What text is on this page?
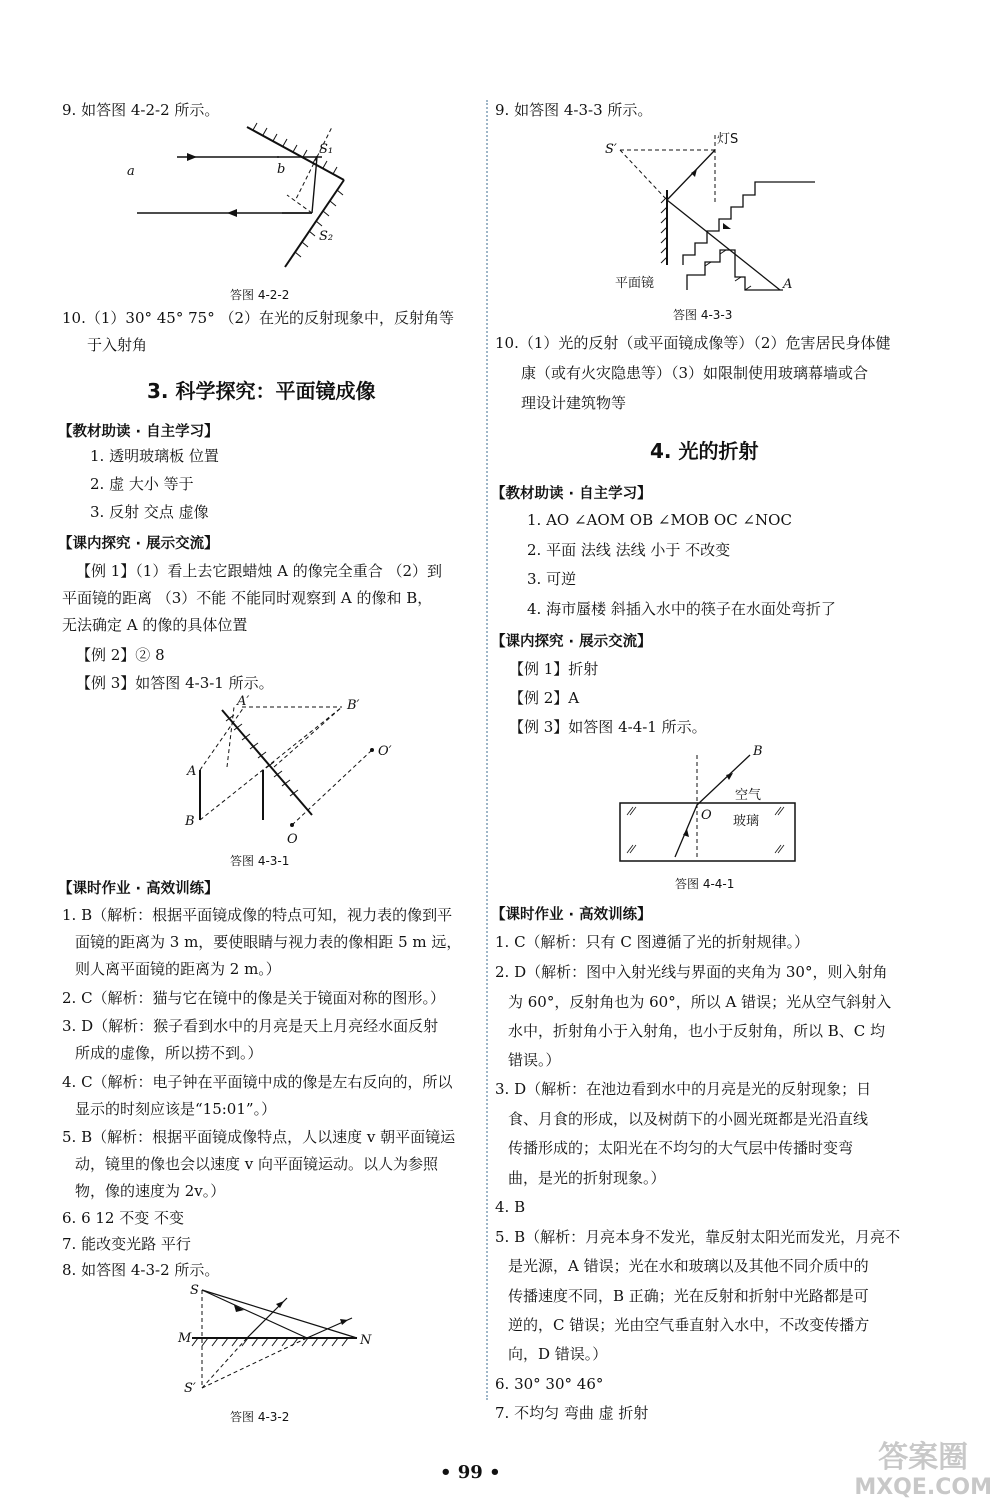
9. 如答图 4-2-2 所示。
a	b
S₁
S₂
答图 4-2-2
10.（1）30° 45° 75° （2）在光的反射现象中，反射角等
于入射角
3. 科学探究：平面镜成像
【教材助读 · 自主学习】
1. 透明玻璃板 位置
2. 虚 大小 等于
3. 反射 交点 虚像
【课内探究 · 展示交流】
【例 1】（1）看上去它跟蜡烛 A 的像完全重合 （2）到
平面镜的距离 （3）不能 不能同时观察到 A 的像和 B，
无法确定 A 的像的具体位置
【例 2】② 8
【例 3】如答图 4-3-1 所示。
A′	B′
A
B
O′
O
答图 4-3-1
【课时作业 · 高效训练】
1. B（解析：根据平面镜成像的特点可知，视力表的像到平
面镜的距离为 3 m，要使眼睛与视力表的像相距 5 m 远，
则人离平面镜的距离为 2 m。）
2. C（解析：猫与它在镜中的像是关于镜面对称的图形。）
3. D（解析：猴子看到水中的月亮是天上月亮经水面反射
所成的虚像，所以捞不到。）
4. C（解析：电子钟在平面镜中成的像是左右反向的，所以
显示的时刻应该是“15:01”。）
5. B（解析：根据平面镜成像特点，人以速度 v 朝平面镜运
动，镜里的像也会以速度 v 向平面镜运动。以人为参照
物，像的速度为 2v。）
6. 6 12 不变 不变
7. 能改变光路 平行
8. 如答图 4-3-2 所示。
S
M	N
S′
答图 4-3-2
9. 如答图 4-3-3 所示。
S′
灯S
平面镜	A
答图 4-3-3
10.（1）光的反射（或平面镜成像等）（2）危害居民身体健
康（或有火灾隐患等）（3）如限制使用玻璃幕墙或合
理设计建筑物等
4. 光的折射
【教材助读 · 自主学习】
1. AO ∠AOM OB ∠MOB OC ∠NOC
2. 平面 法线 法线 小于 不改变
3. 可逆
4. 海市蜃楼 斜插入水中的筷子在水面处弯折了
【课内探究 · 展示交流】
【例 1】折射
【例 2】A
【例 3】如答图 4-4-1 所示。
B
空气
O 玻璃
答图 4-4-1
【课时作业 · 高效训练】
1. C（解析：只有 C 图遵循了光的折射规律。）
2. D（解析：图中入射光线与界面的夹角为 30°，则入射角
为 60°，反射角也为 60°，所以 A 错误；光从空气斜射入
水中，折射角小于入射角，也小于反射角，所以 B、C 均
错误。）
3. D（解析：在池边看到水中的月亮是光的反射现象；日
食、月食的形成，以及树荫下的小圆光斑都是光沿直线
传播形成的；太阳光在不均匀的大气层中传播时变弯
曲，是光的折射现象。）
4. B
5. B（解析：月亮本身不发光，靠反射太阳光而发光，月亮不
是光源，A 错误；光在水和玻璃以及其他不同介质中的
传播速度不同，B 正确；光在反射和折射中光路都是可
逆的，C 错误；光由空气垂直射入水中，不改变传播方
向，D 错误。）
6. 30° 30° 46°
7. 不均匀 弯曲 虚 折射
• 99 •	答案圈
MXQE.COM
